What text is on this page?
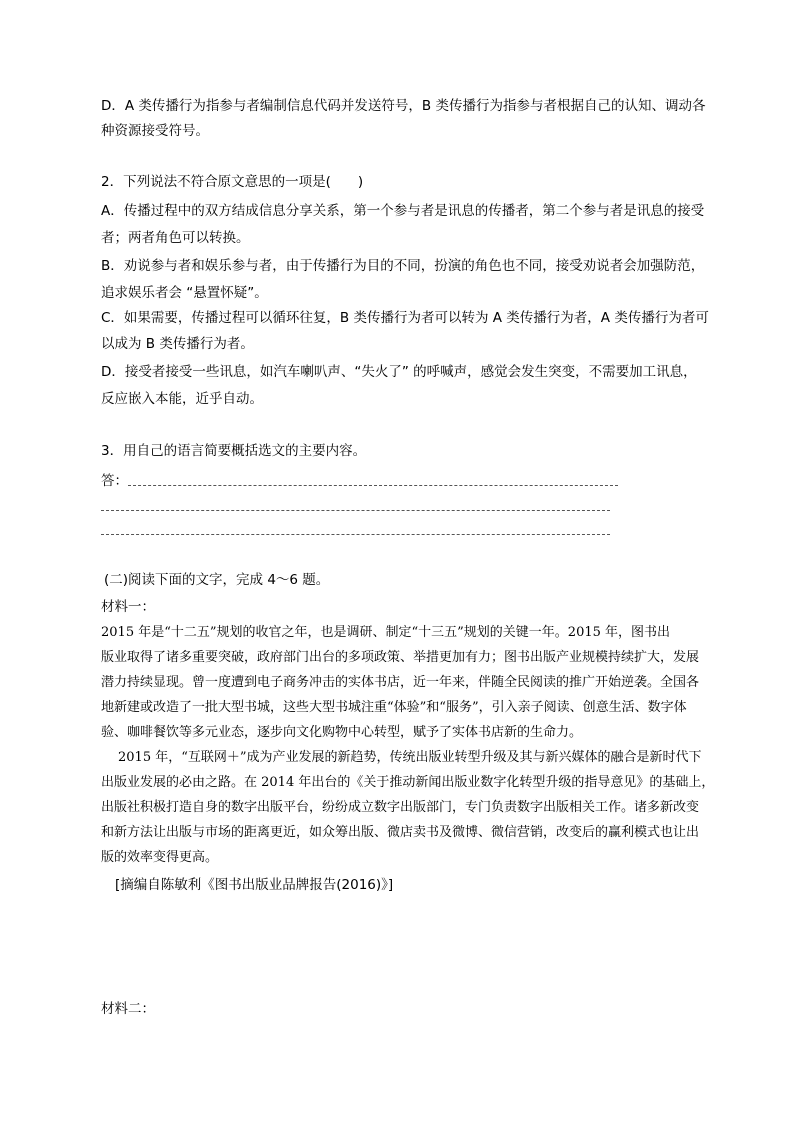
D．A 类传播行为指参与者编制信息代码并发送符号，B 类传播行为指参与者根据自己的认知、调动各
种资源接受符号。
2．下列说法不符合原文意思的一项是(　　)
A．传播过程中的双方结成信息分享关系，第一个参与者是讯息的传播者，第二个参与者是讯息的接受
者；两者角色可以转换。
B．劝说参与者和娱乐参与者，由于传播行为目的不同，扮演的角色也不同，接受劝说者会加强防范，
追求娱乐者会 “悬置怀疑”。
C．如果需要，传播过程可以循环往复，B 类传播行为者可以转为 A 类传播行为者，A 类传播行为者可
以成为 B 类传播行为者。
D．接受者接受一些讯息，如汽车喇叭声、“失火了” 的呼喊声，感觉会发生突变，不需要加工讯息，
反应嵌入本能，近乎自动。
3．用自己的语言简要概括选文的主要内容。
答：
(二)阅读下面的文字，完成 4～6 题。
材料一：
2015 年是“十二五”规划的收官之年，也是调研、制定“十三五”规划的关键一年。2015 年，图书出
版业取得了诸多重要突破，政府部门出台的多项政策、举措更加有力；图书出版产业规模持续扩大，发展
潜力持续显现。曾一度遭到电子商务冲击的实体书店，近一年来，伴随全民阅读的推广开始逆袭。全国各
地新建或改造了一批大型书城，这些大型书城注重“体验”和“服务”，引入亲子阅读、创意生活、数字体
验、咖啡餐饮等多元业态，逐步向文化购物中心转型，赋予了实体书店新的生命力。
2015 年，“互联网＋”成为产业发展的新趋势，传统出版业转型升级及其与新兴媒体的融合是新时代下
出版业发展的必由之路。在 2014 年出台的《关于推动新闻出版业数字化转型升级的指导意见》的基础上，
出版社积极打造自身的数字出版平台，纷纷成立数字出版部门，专门负责数字出版相关工作。诸多新改变
和新方法让出版与市场的距离更近，如众筹出版、微店卖书及微博、微信营销，改变后的赢利模式也让出
版的效率变得更高。
[摘编自陈敏利《图书出版业品牌报告(2016)》]
材料二：
